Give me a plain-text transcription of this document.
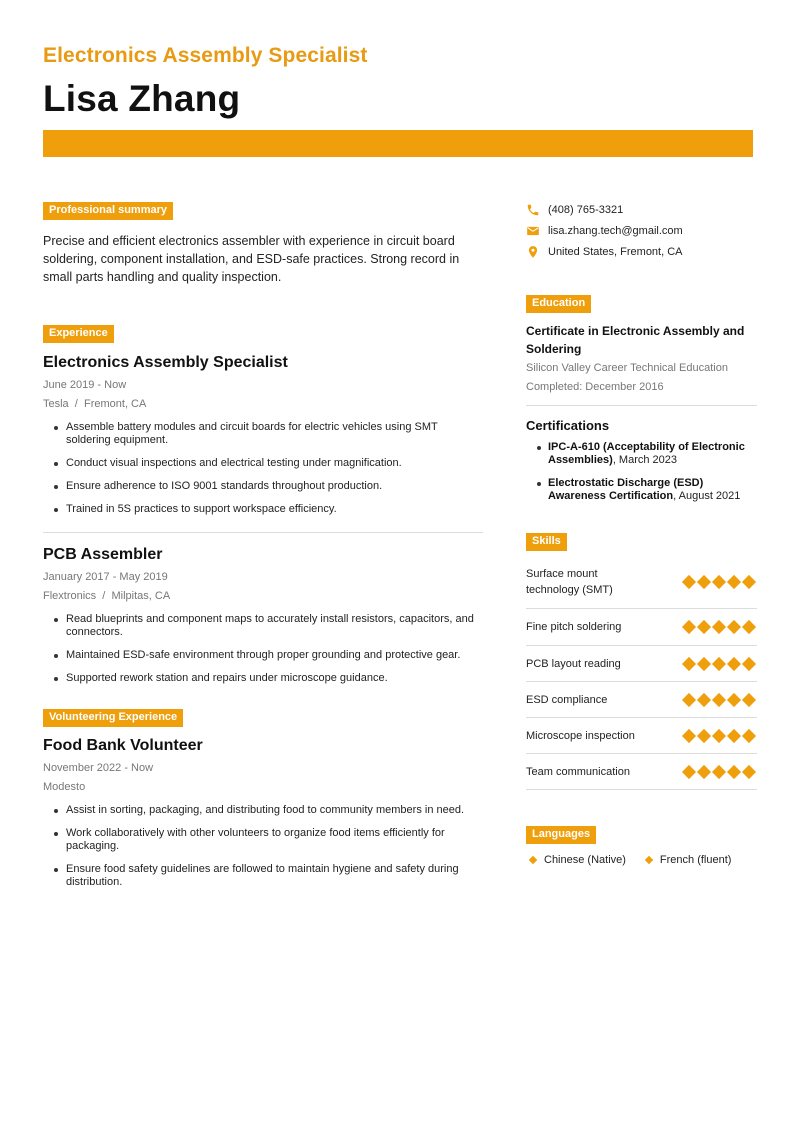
Electronics Assembly Specialist
Lisa Zhang
Professional summary

Precise and efficient electronics assembler with experience in circuit board soldering, component installation, and ESD-safe practices. Strong record in small parts handling and quality inspection.

Experience
Electronics Assembly Specialist
June 2019 - Now
Tesla  /  Fremont, CA
Assemble battery modules and circuit boards for electric vehicles using SMT soldering equipment.
Conduct visual inspections and electrical testing under magnification.
Ensure adherence to ISO 9001 standards throughout production.
Trained in 5S practices to support workspace efficiency.
PCB Assembler
January 2017 - May 2019
Flextronics  /  Milpitas, CA
Read blueprints and component maps to accurately install resistors, capacitors, and connectors.
Maintained ESD-safe environment through proper grounding and protective gear.
Supported rework station and repairs under microscope guidance.
Volunteering Experience
Food Bank Volunteer
November 2022 - Now
Modesto
Assist in sorting, packaging, and distributing food to community members in need.
Work collaboratively with other volunteers to organize food items efficiently for packaging.
Ensure food safety guidelines are followed to maintain hygiene and safety during distribution.
(408) 765-3321
lisa.zhang.tech@gmail.com
United States, Fremont, CA
Education
Certificate in Electronic Assembly and Soldering
Silicon Valley Career Technical Education
Completed: December 2016
Certifications
IPC-A-610 (Acceptability of Electronic Assemblies), March 2023
Electrostatic Discharge (ESD) Awareness Certification, August 2021
Skills
Surface mount technology (SMT)
Fine pitch soldering
PCB layout reading
ESD compliance
Microscope inspection
Team communication
Languages
Chinese (Native)	French (fluent)
